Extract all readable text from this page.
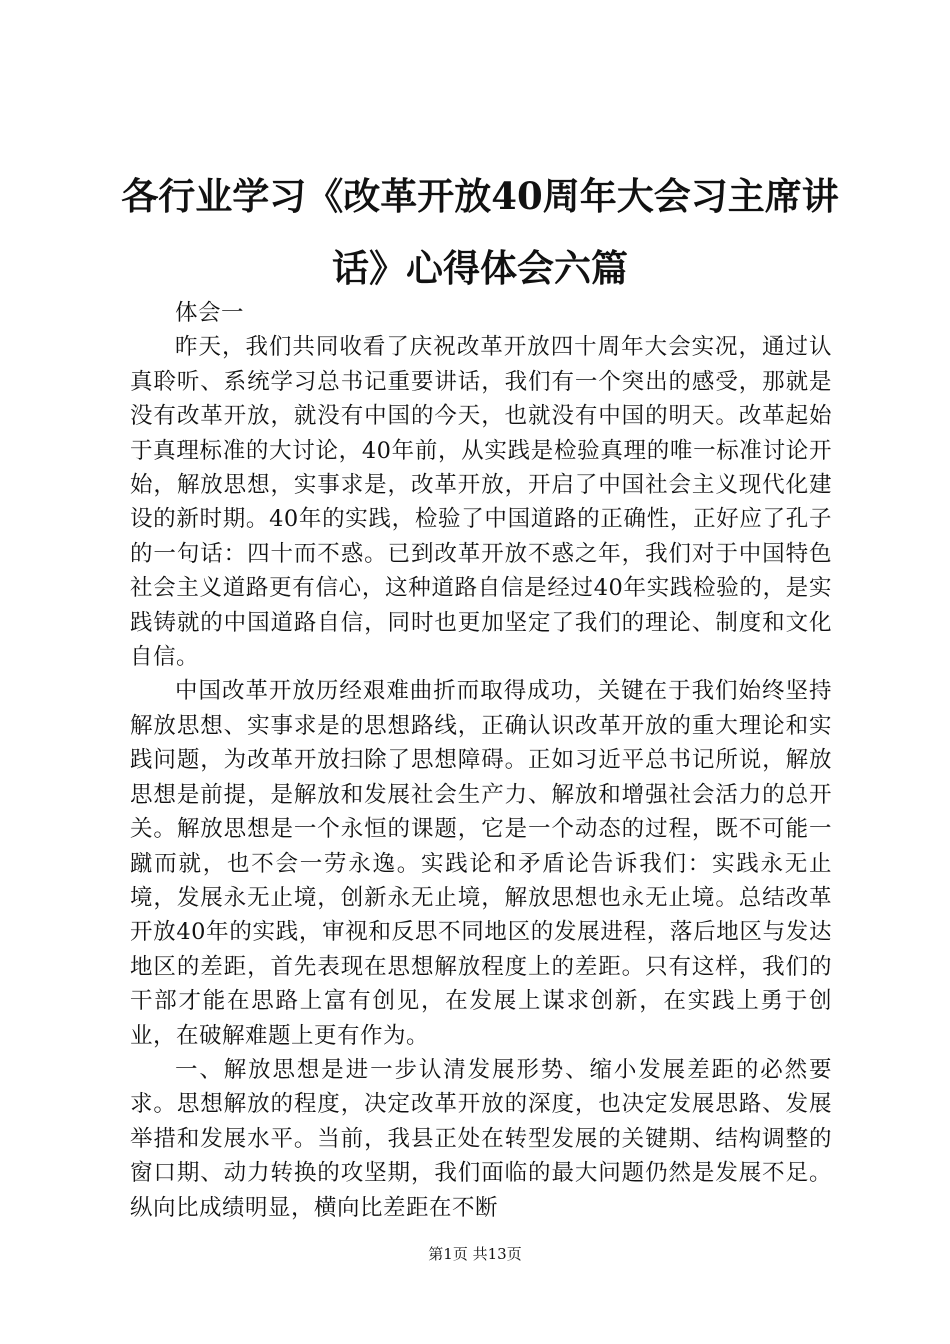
各行业学习《改革开放40周年大会习主席讲话》心得体会六篇

体会一

昨天，我们共同收看了庆祝改革开放四十周年大会实况，通过认真聆听、系统学习总书记重要讲话，我们有一个突出的感受，那就是没有改革开放，就没有中国的今天，也就没有中国的明天。改革起始于真理标准的大讨论，40年前，从实践是检验真理的唯一标准讨论开始，解放思想，实事求是，改革开放，开启了中国社会主义现代化建设的新时期。40年的实践，检验了中国道路的正确性，正好应了孔子的一句话：四十而不惑。已到改革开放不惑之年，我们对于中国特色社会主义道路更有信心，这种道路自信是经过40年实践检验的，是实践铸就的中国道路自信，同时也更加坚定了我们的理论、制度和文化自信。

中国改革开放历经艰难曲折而取得成功，关键在于我们始终坚持解放思想、实事求是的思想路线，正确认识改革开放的重大理论和实践问题，为改革开放扫除了思想障碍。正如习近平总书记所说，解放思想是前提，是解放和发展社会生产力、解放和增强社会活力的总开关。解放思想是一个永恒的课题，它是一个动态的过程，既不可能一蹴而就，也不会一劳永逸。实践论和矛盾论告诉我们：实践永无止境，发展永无止境，创新永无止境，解放思想也永无止境。总结改革开放40年的实践，审视和反思不同地区的发展进程，落后地区与发达地区的差距，首先表现在思想解放程度上的差距。只有这样，我们的干部才能在思路上富有创见，在发展上谋求创新，在实践上勇于创业，在破解难题上更有作为。

一、解放思想是进一步认清发展形势、缩小发展差距的必然要求。思想解放的程度，决定改革开放的深度，也决定发展思路、发展举措和发展水平。当前，我县正处在转型发展的关键期、结构调整的窗口期、动力转换的攻坚期，我们面临的最大问题仍然是发展不足。纵向比成绩明显，横向比差距在不断

第1页 共13页
